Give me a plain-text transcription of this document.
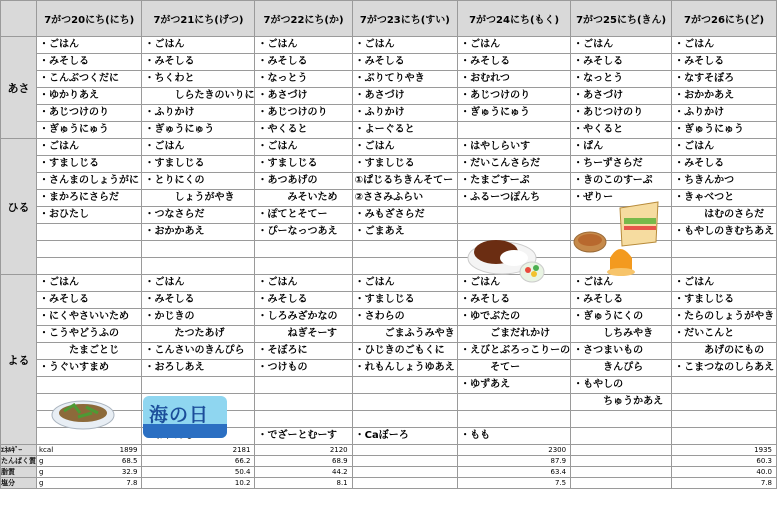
	7がつ20にち(にち)	7がつ21にち(げつ)	7がつ22にち(か)	7がつ23にち(すい)	7がつ24にち(もく)	7がつ25にち(きん)	7がつ26にち(ど)
あさ	・ごはん	・ごはん	・ごはん	・ごはん	・ごはん	・ごはん	・ごはん
	・みそしる	・みそしる	・みそしる	・みそしる	・みそしる	・みそしる	・みそしる
	・こんぶつくだに	・ちくわと	・なっとう	・ぶりてりやき	・おむれつ	・なっとう	・なすそぼろ
	・ゆかりあえ	　しらたきのいりに	・あさづけ	・あさづけ	・あじつけのり	・あさづけ	・おかかあえ
	・あじつけのり	・ふりかけ	・あじつけのり	・ふりかけ	・ぎゅうにゅう	・あじつけのり	・ふりかけ
	・ぎゅうにゅう	・ぎゅうにゅう	・やくると	・よーぐると		・やくると	・ぎゅうにゅう
ひる	・ごはん	・ごはん	・ごはん	・ごはん	・はやしらいす	・ぱん	・ごはん
	・すましじる	・すましじる	・すましじる	・すましじる	・だいこんさらだ	・ちーずさらだ	・みそしる
	・さんまのしょうがに	・とりにくの	・あつあげの	①ぱじるちきんそてー	・たまごすーぷ	・きのこのすーぷ	・ちきんかつ
	・まかろにさらだ	　しょうがやき	　みそいため	②ささみふらい	・ふるーつぽんち	・ぜりー	・きゃべつと
	・おひたし	・つなさらだ	・ぽてとそてー	・みもざさらだ			　はむのさらだ
		・おかかあえ	・ぴーなっつあえ	・ごまあえ			・もやしのきむちあえ

よる	・ごはん	・ごはん	・ごはん	・ごはん	・ごはん	・ごはん	・ごはん
	・みそしる	・みそしる	・みそしる	・すましじる	・みそしる	・みそしる	・すましじる
	・にくやさいいため	・かじきの	・しろみざかなの	・さわらの	・ゆでぶたの	・ぎゅうにくの	・たらのしょうがやき
	・こうやどうふの	　たつたあげ	　ねぎそーす	　ごまふうみやき	　ごまだれかけ	　しちみやき	・だいこんと
	　たまごとじ	・こんさいのきんぴら	・そぼろに	・ひじきのごもくに	・えびとぶろっこりーの	・さつまいもの	　あげのにもの
	・うぐいすまめ	・おろしあえ	・つけもの	・れもんしょうゆあえ	　そてー	　きんぴら	・こまつなのしらあえ
					・ゆずあえ	・もやしの	
						　ちゅうかあえ	

		・でざーとむーす	・Caぼーろ	・もも		
ｴﾈﾙｷﾞｰ	kcal 1899	2181	2120		2300		1935
たんぱく質	g 68.5	66.2	68.9		87.9		60.3
脂質	g 32.9	50.4	44.2		63.4		40.0
塩分	g 7.8	10.2	8.1		7.5		7.8
海の日
